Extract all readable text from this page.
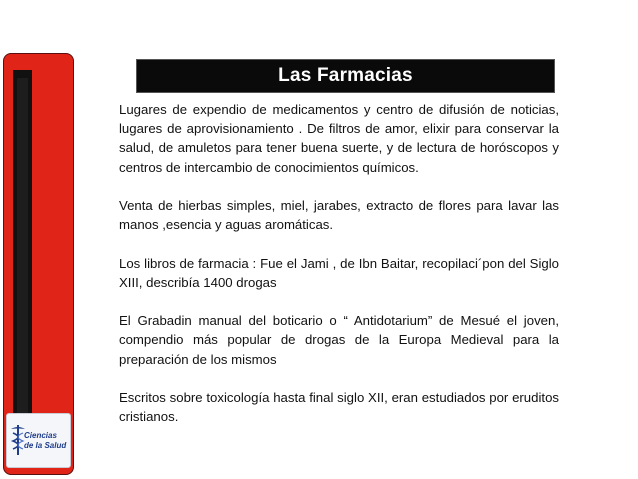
Ciencias
de la Salud
Las Farmacias

Lugares de expendio de medicamentos y centro de difusión de noticias, lugares de aprovisionamiento . De filtros de amor, elixir para conservar la salud, de amuletos para tener buena suerte, y de lectura de horóscopos y centros de intercambio de conocimientos químicos.

Venta de hierbas simples, miel, jarabes, extracto de flores para lavar las manos ,esencia y aguas aromáticas.

Los libros de farmacia : Fue el Jami , de Ibn Baitar, recopilaci´pon del Siglo XIII, describía 1400 drogas

El Grabadin manual del boticario o “ Antidotarium” de Mesué el joven, compendio más popular de drogas de la Europa Medieval para la preparación de los mismos

Escritos sobre toxicología hasta final siglo XII, eran estudiados por eruditos cristianos.
